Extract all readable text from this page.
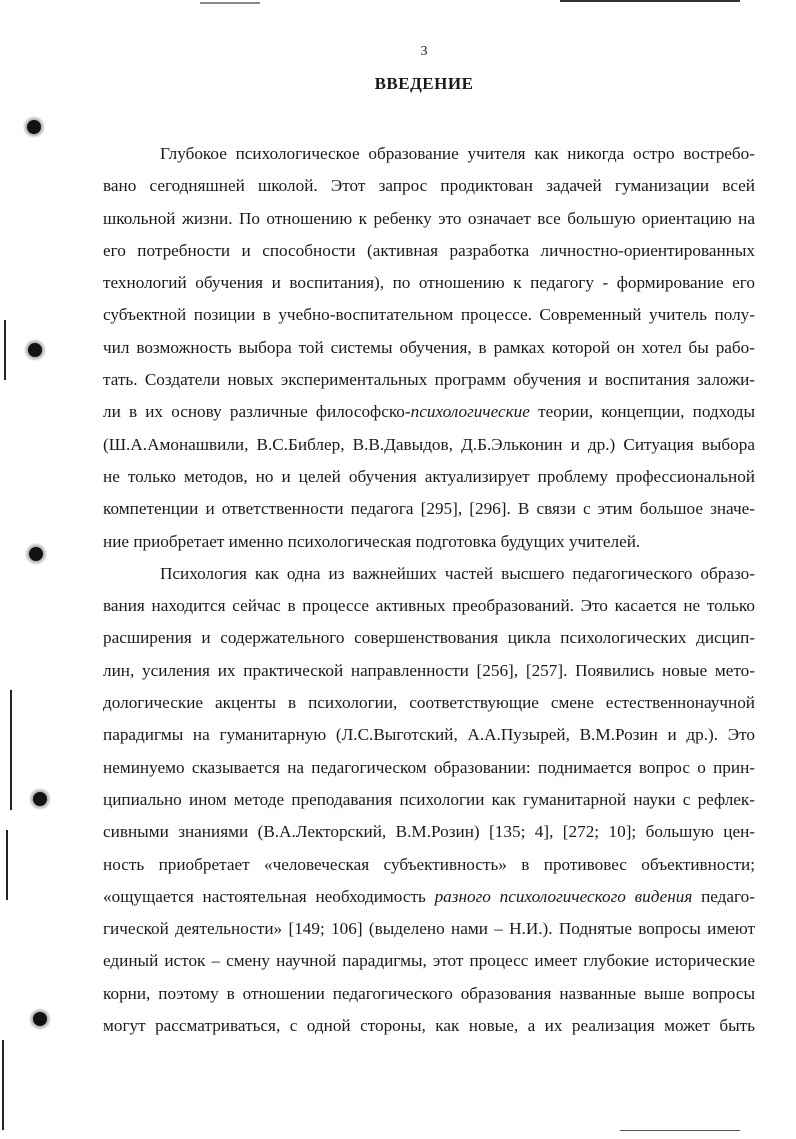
3
ВВЕДЕНИЕ
Глубокое психологическое образование учителя как никогда остро востребо-
вано сегодняшней школой. Этот запрос продиктован задачей гуманизации всей
школьной жизни. По отношению к ребенку это означает все большую ориентацию на
его потребности и способности (активная разработка личностно-ориентированных
технологий обучения и воспитания), по отношению к педагогу - формирование его
субъектной позиции в учебно-воспитательном процессе. Современный учитель полу-
чил возможность выбора той системы обучения, в рамках которой он хотел бы рабо-
тать. Создатели новых экспериментальных программ обучения и воспитания заложи-
ли в их основу различные философско-психологические теории, концепции, подходы
(Ш.А.Амонашвили, В.С.Библер, В.В.Давыдов, Д.Б.Эльконин и др.) Ситуация выбора
не только методов, но и целей обучения актуализирует проблему профессиональной
компетенции и ответственности педагога [295], [296]. В связи с этим большое значе-
ние приобретает именно психологическая подготовка будущих учителей.
Психология как одна из важнейших частей высшего педагогического образо-
вания находится сейчас в процессе активных преобразований. Это касается не только
расширения и содержательного совершенствования цикла психологических дисцип-
лин, усиления их практической направленности [256], [257]. Появились новые мето-
дологические акценты в психологии, соответствующие смене естественнонаучной
парадигмы на гуманитарную (Л.С.Выготский, А.А.Пузырей, В.М.Розин и др.). Это
неминуемо сказывается на педагогическом образовании: поднимается вопрос о прин-
ципиально ином методе преподавания психологии как гуманитарной науки с рефлек-
сивными знаниями (В.А.Лекторский, В.М.Розин) [135; 4], [272; 10]; большую цен-
ность приобретает «человеческая субъективность» в противовес объективности;
«ощущается настоятельная необходимость разного психологического видения педаго-
гической деятельности» [149; 106] (выделено нами – Н.И.). Поднятые вопросы имеют
единый исток – смену научной парадигмы, этот процесс имеет глубокие исторические
корни, поэтому в отношении педагогического образования названные выше вопросы
могут рассматриваться, с одной стороны, как новые, а их реализация может быть
